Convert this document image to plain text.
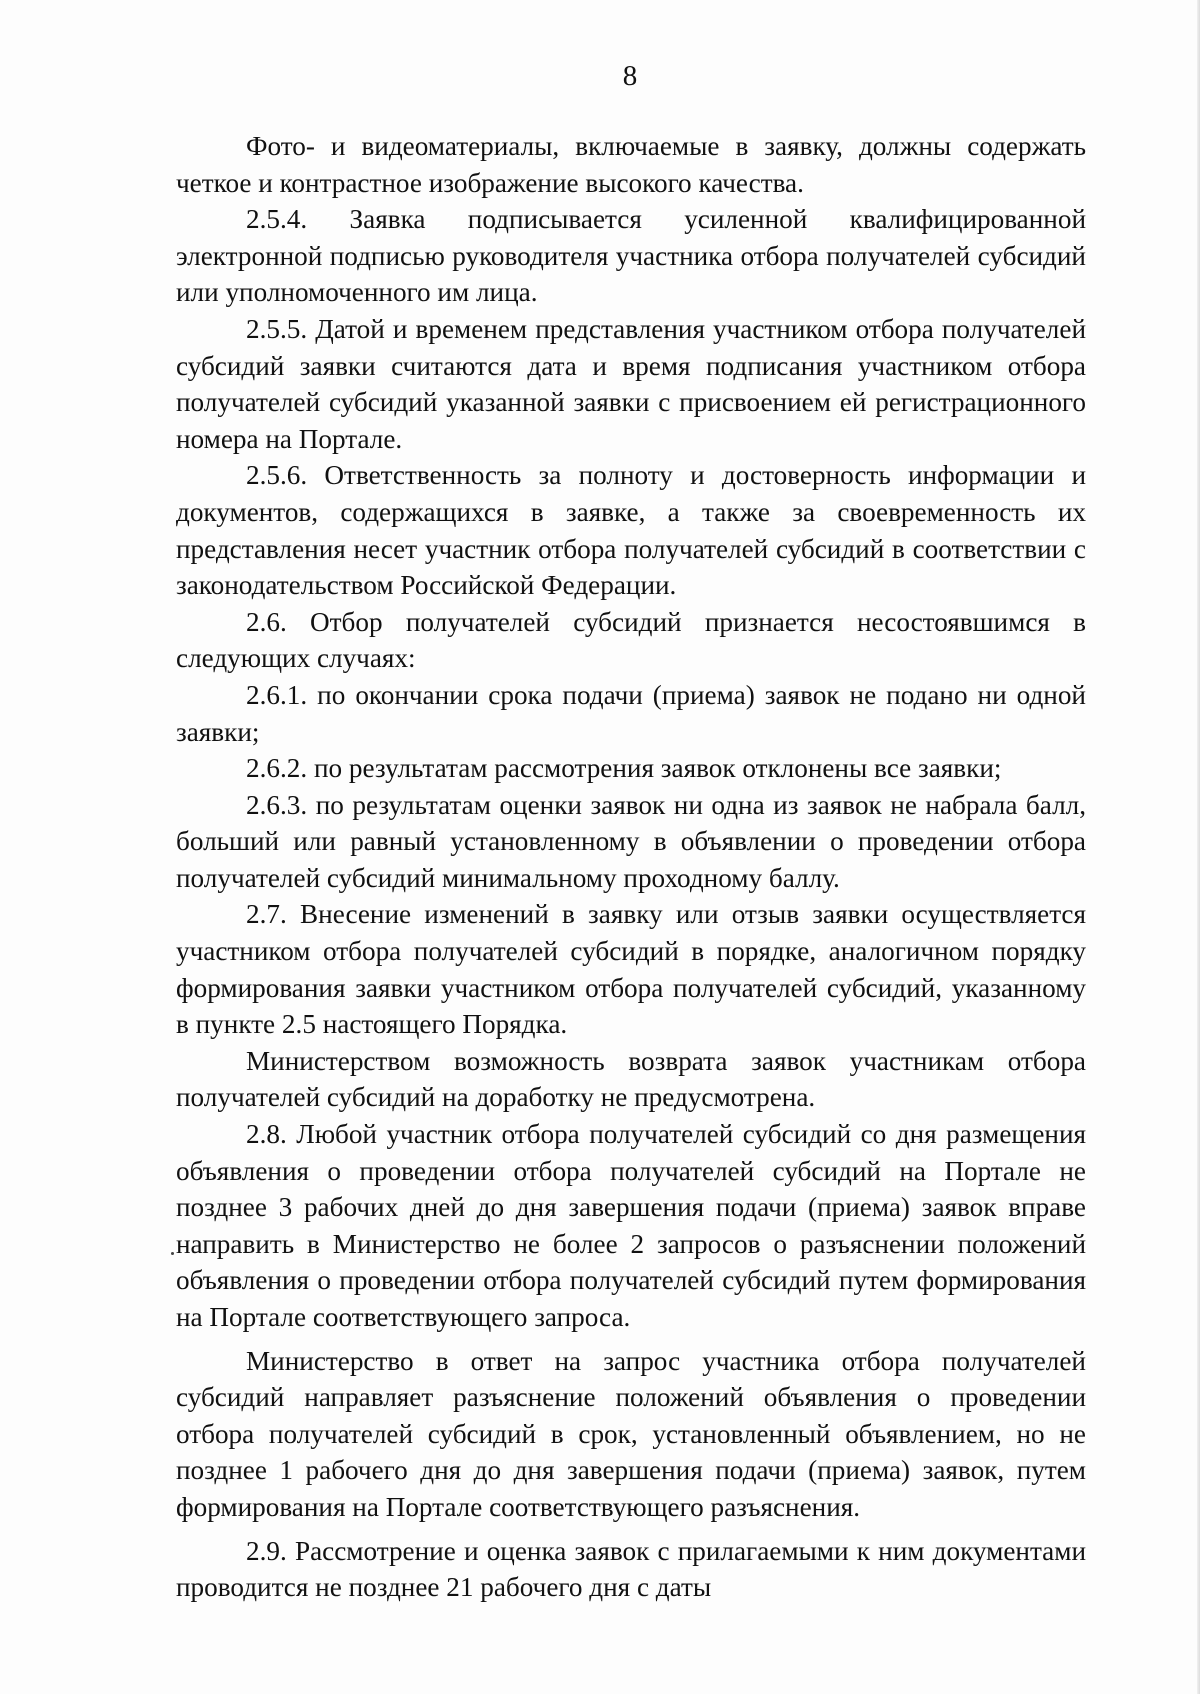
8

Фото- и видеоматериалы, включаемые в заявку, должны содержать четкое и контрастное изображение высокого качества.

2.5.4. Заявка подписывается усиленной квалифицированной электронной подписью руководителя участника отбора получателей субсидий или уполномоченного им лица.

2.5.5. Датой и временем представления участником отбора получателей субсидий заявки считаются дата и время подписания участником отбора получателей субсидий указанной заявки с присвоением ей регистрационного номера на Портале.

2.5.6. Ответственность за полноту и достоверность информации и документов, содержащихся в заявке, а также за своевременность их представления несет участник отбора получателей субсидий в соответствии с законодательством Российской Федерации.

2.6. Отбор получателей субсидий признается несостоявшимся в следующих случаях:

2.6.1. по окончании срока подачи (приема) заявок не подано ни одной заявки;

2.6.2. по результатам рассмотрения заявок отклонены все заявки;

2.6.3. по результатам оценки заявок ни одна из заявок не набрала балл, больший или равный установленному в объявлении о проведении отбора получателей субсидий минимальному проходному баллу.

2.7. Внесение изменений в заявку или отзыв заявки осуществляется участником отбора получателей субсидий в порядке, аналогичном порядку формирования заявки участником отбора получателей субсидий, указанному в пункте 2.5 настоящего Порядка.

Министерством возможность возврата заявок участникам отбора получателей субсидий на доработку не предусмотрена.

2.8. Любой участник отбора получателей субсидий со дня размещения объявления о проведении отбора получателей субсидий на Портале не позднее 3 рабочих дней до дня завершения подачи (приема) заявок вправе направить в Министерство не более 2 запросов о разъяснении положений объявления о проведении отбора получателей субсидий путем формирования на Портале соответствующего запроса.

Министерство в ответ на запрос участника отбора получателей субсидий направляет разъяснение положений объявления о проведении отбора получателей субсидий в срок, установленный объявлением, но не позднее 1 рабочего дня до дня завершения подачи (приема) заявок, путем формирования на Портале соответствующего разъяснения.

2.9. Рассмотрение и оценка заявок с прилагаемыми к ним документами проводится не позднее 21 рабочего дня с даты
